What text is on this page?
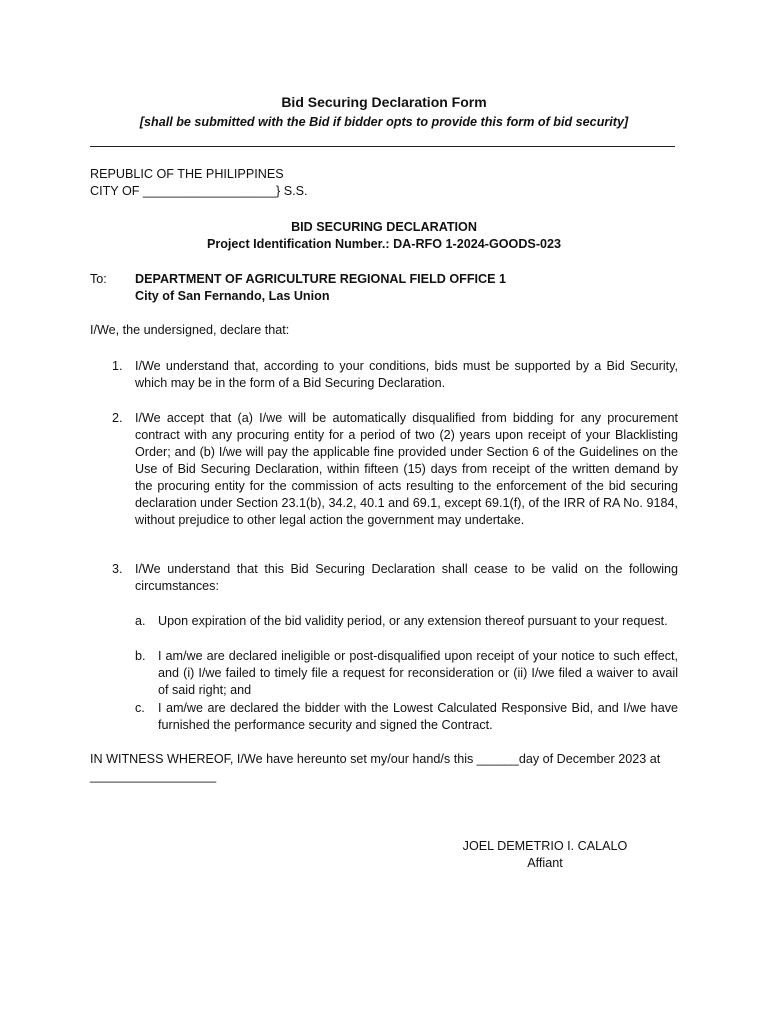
Bid Securing Declaration Form
[shall be submitted with the Bid if bidder opts to provide this form of bid security]
REPUBLIC OF THE PHILIPPINES
CITY OF ___________________} S.S.
BID SECURING DECLARATION
Project Identification Number.: DA-RFO 1-2024-GOODS-023
To: DEPARTMENT OF AGRICULTURE REGIONAL FIELD OFFICE 1
City of San Fernando, Las Union
I/We, the undersigned, declare that:
1. I/We understand that, according to your conditions, bids must be supported by a Bid Security, which may be in the form of a Bid Securing Declaration.
2. I/We accept that (a) I/we will be automatically disqualified from bidding for any procurement contract with any procuring entity for a period of two (2) years upon receipt of your Blacklisting Order; and (b) I/we will pay the applicable fine provided under Section 6 of the Guidelines on the Use of Bid Securing Declaration, within fifteen (15) days from receipt of the written demand by the procuring entity for the commission of acts resulting to the enforcement of the bid securing declaration under Section 23.1(b), 34.2, 40.1 and 69.1, except 69.1(f), of the IRR of RA No. 9184, without prejudice to other legal action the government may undertake.
3. I/We understand that this Bid Securing Declaration shall cease to be valid on the following circumstances:
a. Upon expiration of the bid validity period, or any extension thereof pursuant to your request.
b. I am/we are declared ineligible or post-disqualified upon receipt of your notice to such effect, and (i) I/we failed to timely file a request for reconsideration or (ii) I/we filed a waiver to avail of said right; and
c. I am/we are declared the bidder with the Lowest Calculated Responsive Bid, and I/we have furnished the performance security and signed the Contract.
IN WITNESS WHEREOF, I/We have hereunto set my/our hand/s this ______day of December 2023 at
__________________
JOEL DEMETRIO I. CALALO
Affiant
